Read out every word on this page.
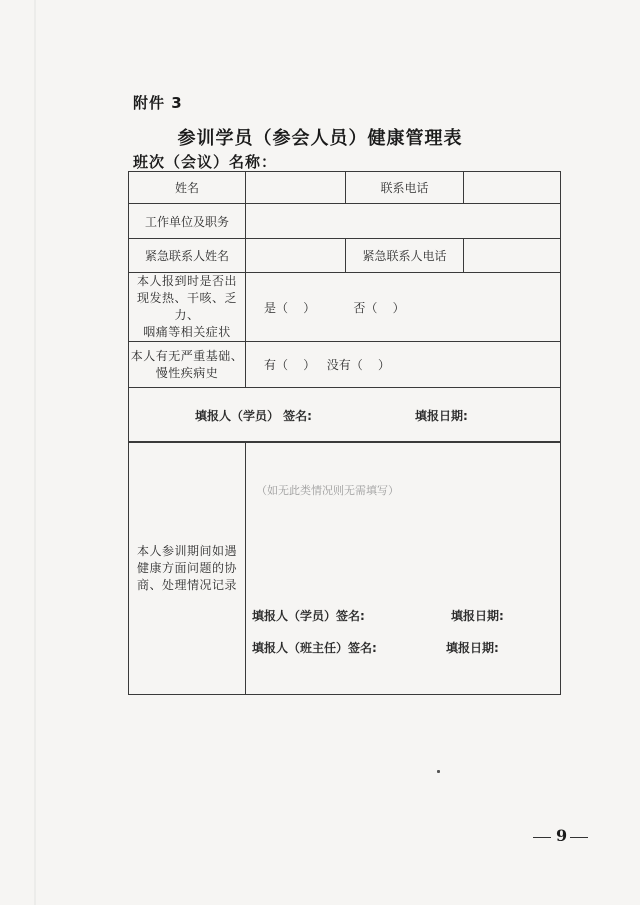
附件 3
参训学员（参会人员）健康管理表
班次（会议）名称：
姓名		联系电话	
工作单位及职务			
紧急联系人姓名		紧急联系人电话	

本人报到时是否出
现发热、干咳、乏力、
咽痛等相关症状	是（    ） 否（    ）		

本人有无严重基础、
慢性疾病史	有（    ） 没有（    ）		

填报人（学员） 签名: 填报日期:			
本人参训期间如遇
健康方面问题的协
商、处理情况记录

（如无此类情况则无需填写）
填报人（学员）签名:	填报日期:
填报人（班主任）签名:	填报日期:
9
